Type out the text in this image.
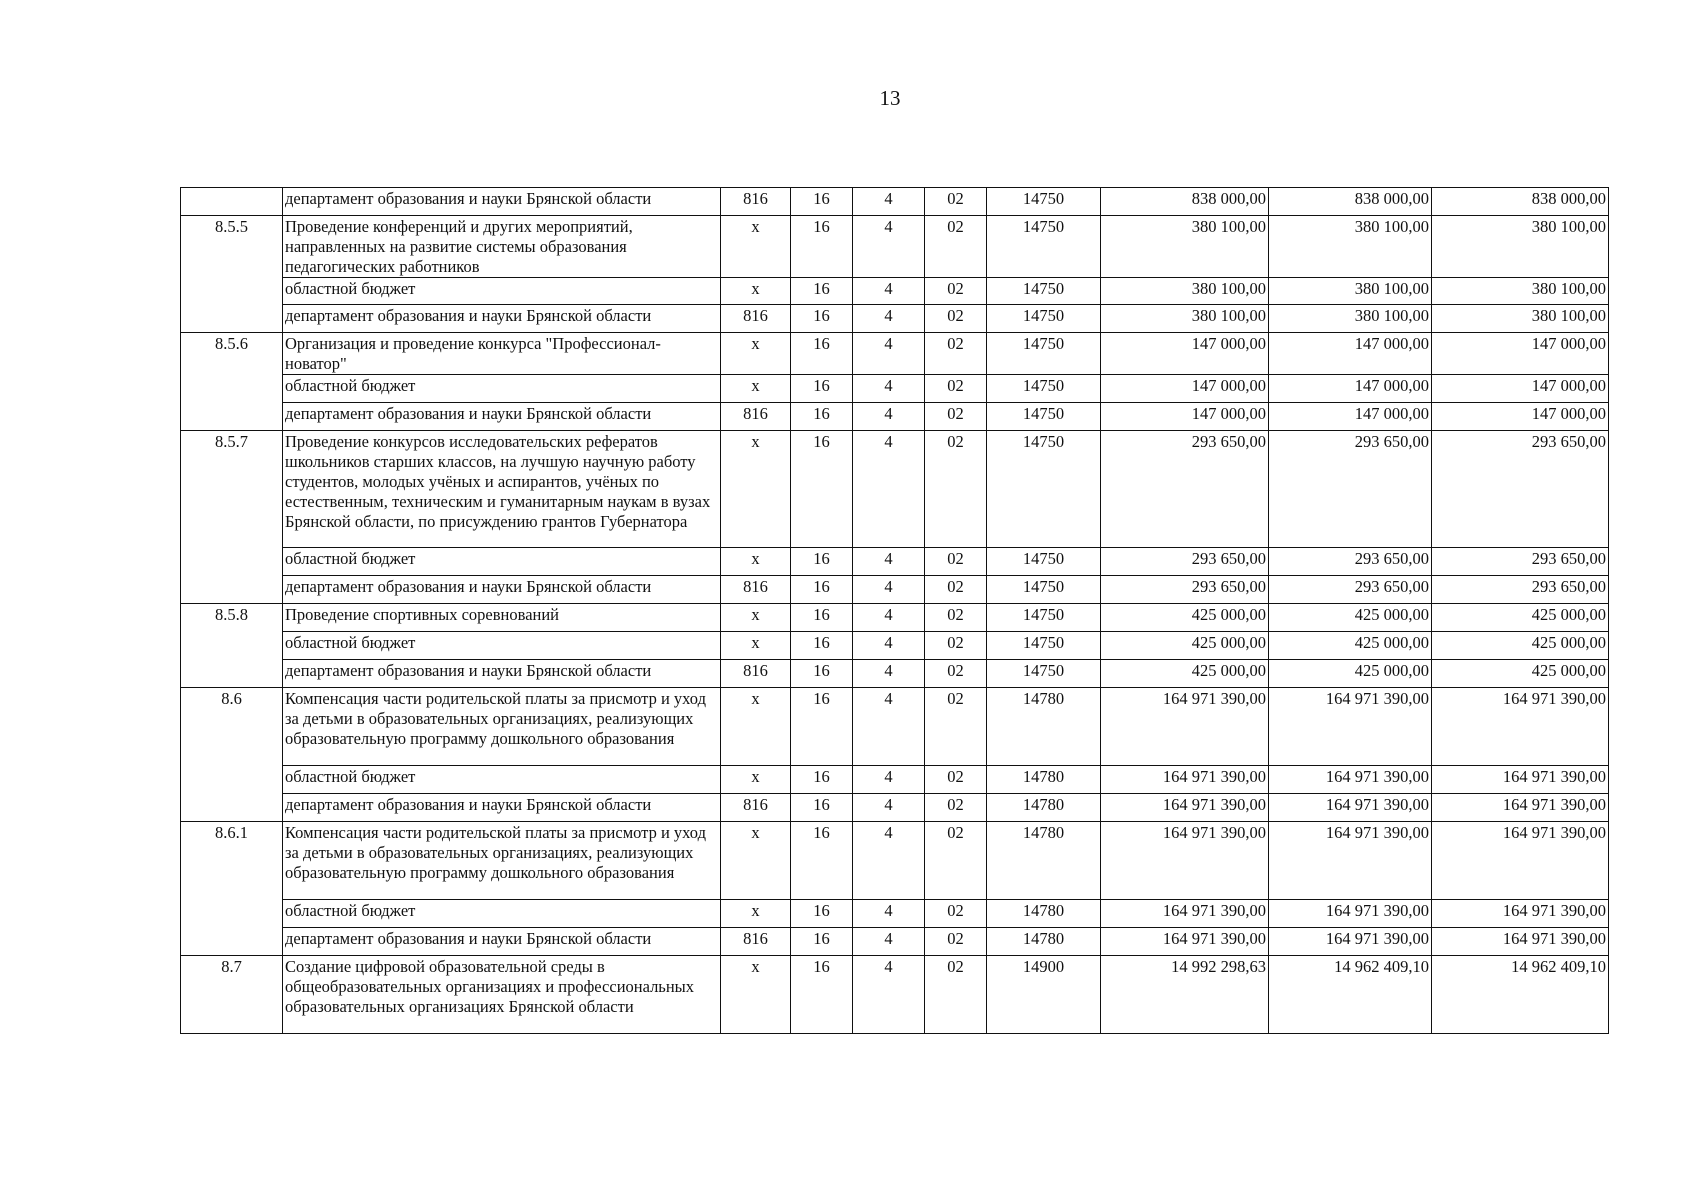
13
	департамент образования и науки Брянской области	816	16	4	02	14750	838 000,00	838 000,00	838 000,00
8.5.5	Проведение конференций и других мероприятий, направленных на развитие системы образования педагогических работников	х	16	4	02	14750	380 100,00	380 100,00	380 100,00
	областной бюджет	х	16	4	02	14750	380 100,00	380 100,00	380 100,00
	департамент образования и науки Брянской области	816	16	4	02	14750	380 100,00	380 100,00	380 100,00
8.5.6	Организация и проведение конкурса "Профессионал-новатор"	х	16	4	02	14750	147 000,00	147 000,00	147 000,00
	областной бюджет	х	16	4	02	14750	147 000,00	147 000,00	147 000,00
	департамент образования и науки Брянской области	816	16	4	02	14750	147 000,00	147 000,00	147 000,00
8.5.7	Проведение конкурсов исследовательских рефератов школьников старших классов, на лучшую научную работу студентов, молодых учёных и аспирантов, учёных по естественным, техническим и гуманитарным наукам в вузах Брянской области, по присуждению грантов Губернатора	х	16	4	02	14750	293 650,00	293 650,00	293 650,00
	областной бюджет	х	16	4	02	14750	293 650,00	293 650,00	293 650,00
	департамент образования и науки Брянской области	816	16	4	02	14750	293 650,00	293 650,00	293 650,00
8.5.8	Проведение спортивных соревнований	х	16	4	02	14750	425 000,00	425 000,00	425 000,00
	областной бюджет	х	16	4	02	14750	425 000,00	425 000,00	425 000,00
	департамент образования и науки Брянской области	816	16	4	02	14750	425 000,00	425 000,00	425 000,00
8.6	Компенсация части родительской платы за присмотр и уход за детьми в образовательных организациях, реализующих образовательную программу дошкольного образования	х	16	4	02	14780	164 971 390,00	164 971 390,00	164 971 390,00
	областной бюджет	х	16	4	02	14780	164 971 390,00	164 971 390,00	164 971 390,00
	департамент образования и науки Брянской области	816	16	4	02	14780	164 971 390,00	164 971 390,00	164 971 390,00
8.6.1	Компенсация части родительской платы за присмотр и уход за детьми в образовательных организациях, реализующих образовательную программу дошкольного образования	х	16	4	02	14780	164 971 390,00	164 971 390,00	164 971 390,00
	областной бюджет	х	16	4	02	14780	164 971 390,00	164 971 390,00	164 971 390,00
	департамент образования и науки Брянской области	816	16	4	02	14780	164 971 390,00	164 971 390,00	164 971 390,00
8.7	Создание цифровой образовательной среды в общеобразовательных организациях и профессиональных образовательных организациях Брянской области	х	16	4	02	14900	14 992 298,63	14 962 409,10	14 962 409,10
